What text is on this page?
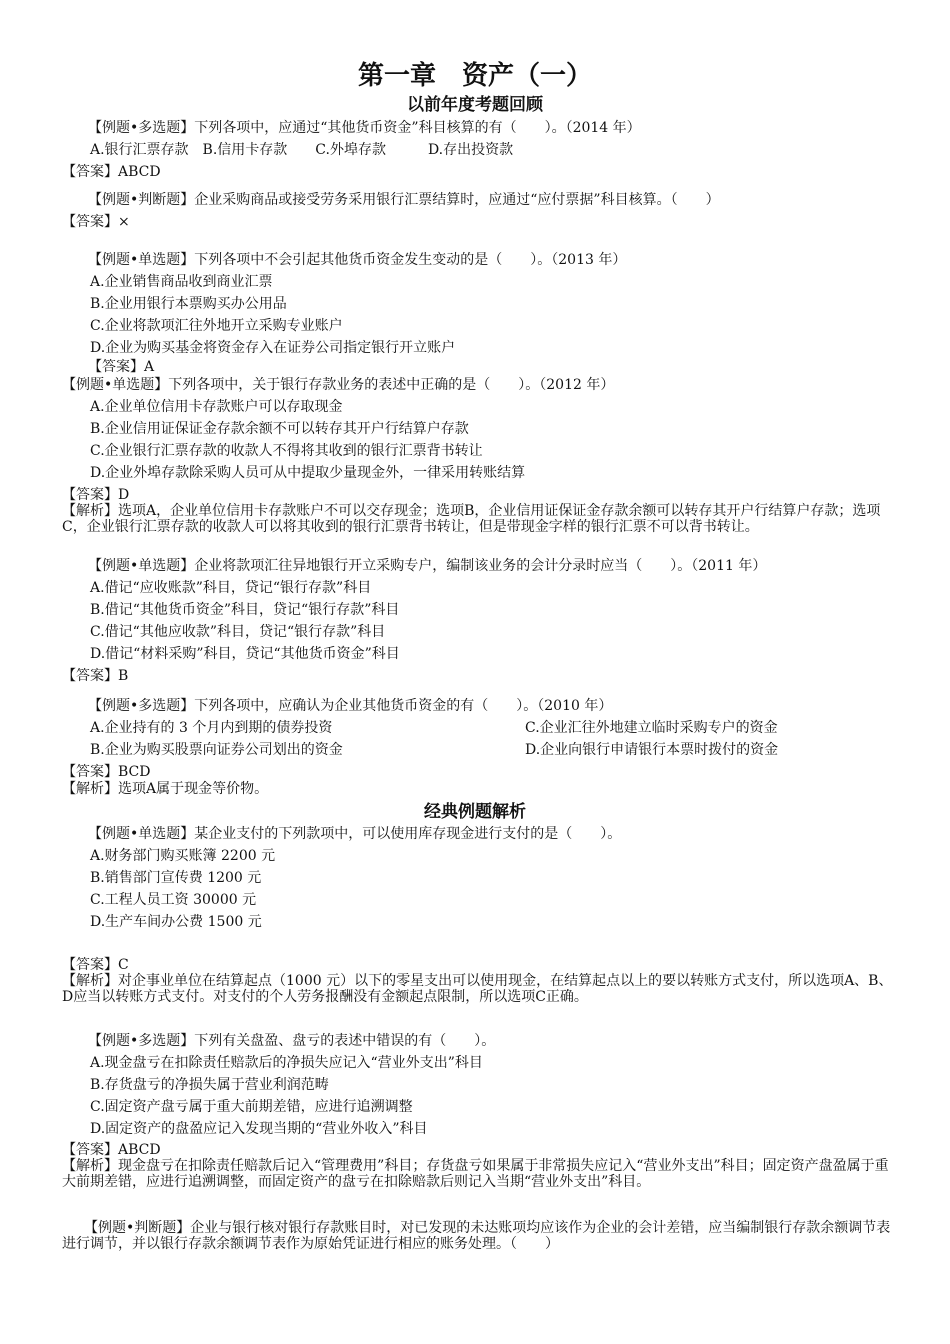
第一章　资产（一）
以前年度考题回顾
【例题•多选题】下列各项中，应通过“其他货币资金”科目核算的有（　　）。（2014 年）
A.银行汇票存款　B.信用卡存款　　C.外埠存款　　　D.存出投资款
【答案】ABCD
【例题•判断题】企业采购商品或接受劳务采用银行汇票结算时，应通过“应付票据”科目核算。（　　）
【答案】×
【例题•单选题】下列各项中不会引起其他货币资金发生变动的是（　　）。（2013 年）
A.企业销售商品收到商业汇票
B.企业用银行本票购买办公用品
C.企业将款项汇往外地开立采购专业账户
D.企业为购买基金将资金存入在证券公司指定银行开立账户
【答案】A
【例题•单选题】下列各项中，关于银行存款业务的表述中正确的是（　　）。（2012 年）
A.企业单位信用卡存款账户可以存取现金
B.企业信用证保证金存款余额不可以转存其开户行结算户存款
C.企业银行汇票存款的收款人不得将其收到的银行汇票背书转让
D.企业外埠存款除采购人员可从中提取少量现金外，一律采用转账结算
【答案】D
【解析】选项A，企业单位信用卡存款账户不可以交存现金；选项B，企业信用证保证金存款余额可以转存其开户行结算户存款；选项C，企业银行汇票存款的收款人可以将其收到的银行汇票背书转让，但是带现金字样的银行汇票不可以背书转让。
【例题•单选题】企业将款项汇往异地银行开立采购专户，编制该业务的会计分录时应当（　　）。（2011 年）
A.借记“应收账款”科目，贷记“银行存款”科目
B.借记“其他货币资金”科目，贷记“银行存款”科目
C.借记“其他应收款”科目，贷记“银行存款”科目
D.借记“材料采购”科目，贷记“其他货币资金”科目
【答案】B
【例题•多选题】下列各项中，应确认为企业其他货币资金的有（　　）。（2010 年）
A.企业持有的 3 个月内到期的债券投资	C.企业汇往外地建立临时采购专户的资金
B.企业为购买股票向证券公司划出的资金	D.企业向银行申请银行本票时拨付的资金
【答案】BCD
【解析】选项A属于现金等价物。
经典例题解析
【例题•单选题】某企业支付的下列款项中，可以使用库存现金进行支付的是（　　）。
A.财务部门购买账簿 2200 元
B.销售部门宣传费 1200 元
C.工程人员工资 30000 元
D.生产车间办公费 1500 元
【答案】C
【解析】对企事业单位在结算起点（1000 元）以下的零星支出可以使用现金，在结算起点以上的要以转账方式支付，所以选项A、B、D应当以转账方式支付。对支付的个人劳务报酬没有金额起点限制，所以选项C正确。
【例题•多选题】下列有关盘盈、盘亏的表述中错误的有（　　）。
A.现金盘亏在扣除责任赔款后的净损失应记入“营业外支出”科目
B.存货盘亏的净损失属于营业利润范畴
C.固定资产盘亏属于重大前期差错，应进行追溯调整
D.固定资产的盘盈应记入发现当期的“营业外收入”科目
【答案】ABCD
【解析】现金盘亏在扣除责任赔款后记入“管理费用”科目；存货盘亏如果属于非常损失应记入“营业外支出”科目；固定资产盘盈属于重大前期差错，应进行追溯调整，而固定资产的盘亏在扣除赔款后则记入当期“营业外支出”科目。
【例题•判断题】企业与银行核对银行存款账目时，对已发现的未达账项均应该作为企业的会计差错，应当编制银行存款余额调节表进行调节，并以银行存款余额调节表作为原始凭证进行相应的账务处理。（　　）
